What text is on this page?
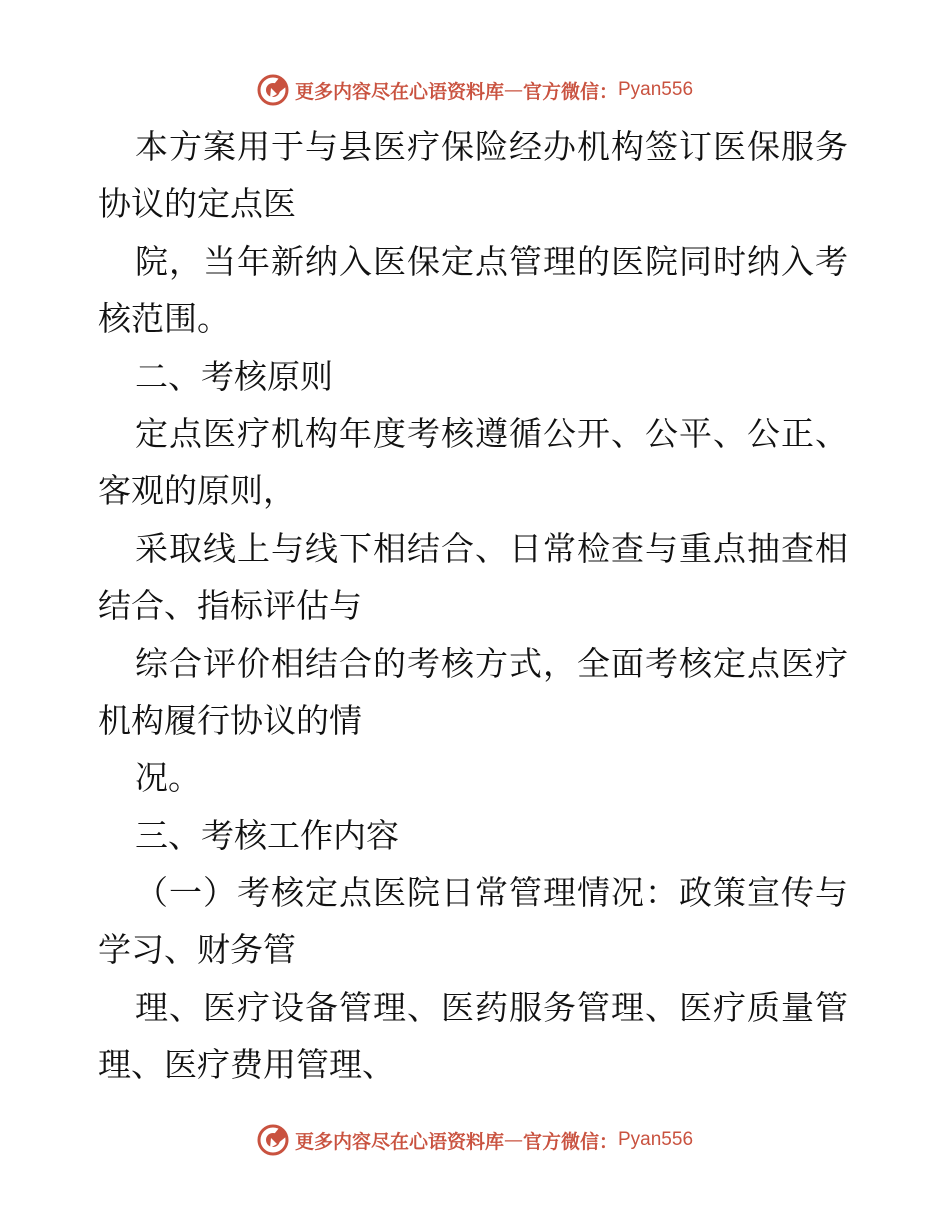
更多内容尽在心语资料库 — 官方微信： Pyan556
本方案用于与县医疗保险经办机构签订医保服务
协议的定点医
院，当年新纳入医保定点管理的医院同时纳入考
核范围。
二、考核原则
定点医疗机构年度考核遵循公开、公平、公正、
客观的原则，
采取线上与线下相结合、日常检查与重点抽查相
结合、指标评估与
综合评价相结合的考核方式，全面考核定点医疗
机构履行协议的情
况。
三、考核工作内容
（一）考核定点医院日常管理情况：政策宣传与
学习、财务管
理、医疗设备管理、医药服务管理、医疗质量管
理、医疗费用管理、
更多内容尽在心语资料库 — 官方微信： Pyan556
